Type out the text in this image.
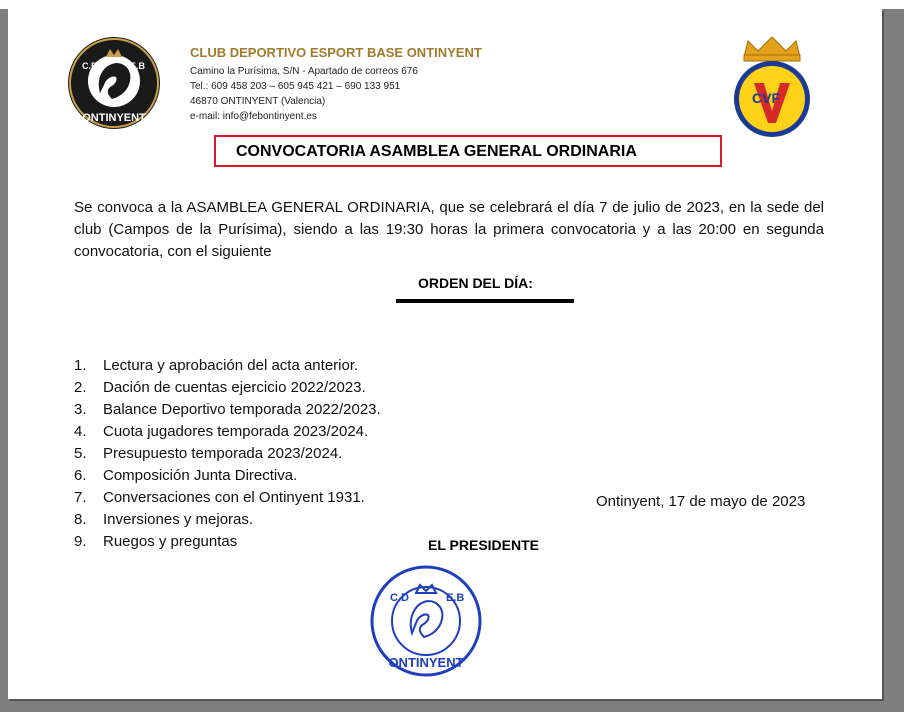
C.D	E.B
ONTINYENT
CLUB DEPORTIVO ESPORT BASE ONTINYENT
Camino la Purísima, S/N - Apartado de correos 676
Tel.: 609 458 203 – 605 945 421 – 690 133 951
46870 ONTINYENT (Valencia)
e-mail: info@febontinyent.es
CVF
CONVOCATORIA ASAMBLEA GENERAL ORDINARIA
Se convoca a la ASAMBLEA GENERAL ORDINARIA, que se celebrará el día 7 de julio de 2023, en la sede del club (Campos de la Purísima), siendo a las 19:30 horas la primera convocatoria y a las 20:00 en segunda convocatoria, con el siguiente
ORDEN DEL DÍA:
1.	Lectura y aprobación del acta anterior.
2.	Dación de cuentas ejercicio 2022/2023.
3.	Balance Deportivo temporada 2022/2023.
4.	Cuota jugadores temporada 2023/2024.
5.	Presupuesto temporada 2023/2024.
6.	Composición Junta Directiva.
7.	Conversaciones con el Ontinyent 1931.
8.	Inversiones y mejoras.
9.	Ruegos y preguntas
Ontinyent, 17 de mayo de 2023
EL PRESIDENTE
C.D	E.B
ONTINYENT
